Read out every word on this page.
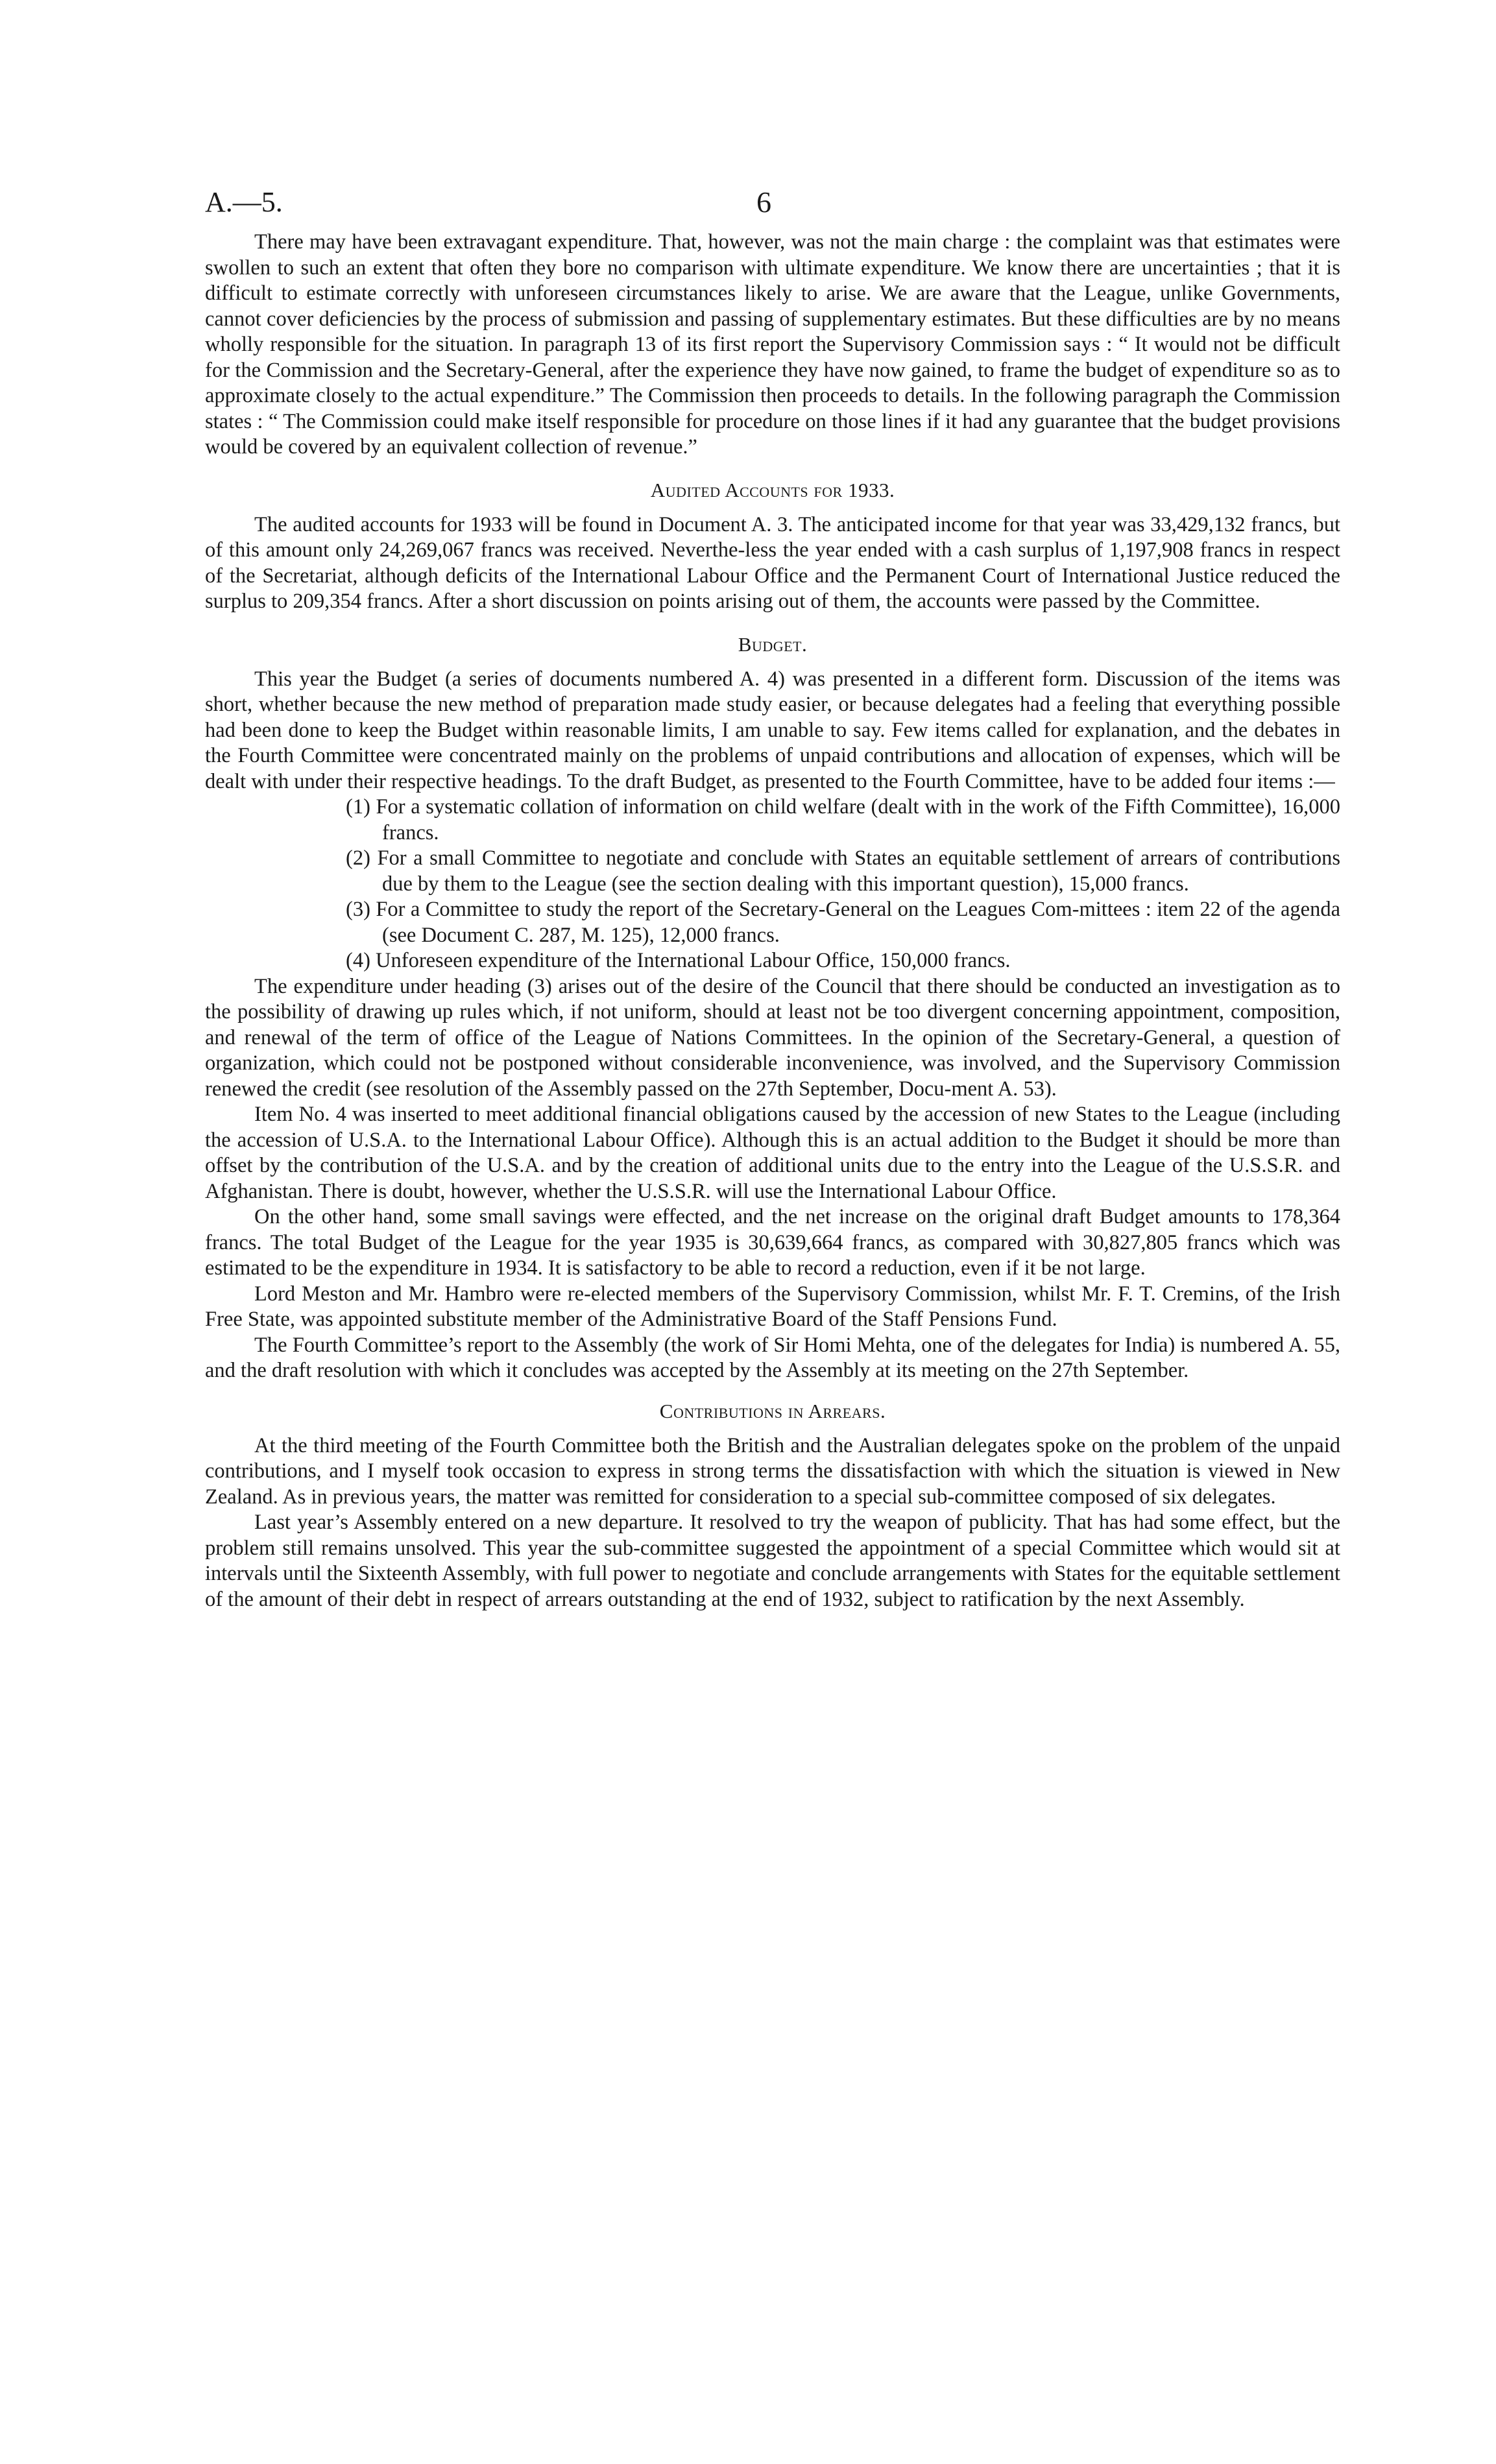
A.—5.	6

There may have been extravagant expenditure. That, however, was not the main charge : the complaint was that estimates were swollen to such an extent that often they bore no comparison with ultimate expenditure. We know there are uncertainties ; that it is difficult to estimate correctly with unforeseen circumstances likely to arise. We are aware that the League, unlike Governments, cannot cover deficiencies by the process of submission and passing of supplementary estimates. But these difficulties are by no means wholly responsible for the situation. In paragraph 13 of its first report the Supervisory Commission says : “ It would not be difficult for the Commission and the Secretary-General, after the experience they have now gained, to frame the budget of expenditure so as to approximate closely to the actual expenditure.” The Commission then proceeds to details. In the following paragraph the Commission states : “ The Commission could make itself responsible for procedure on those lines if it had any guarantee that the budget provisions would be covered by an equivalent collection of revenue.”

Audited Accounts for 1933.

The audited accounts for 1933 will be found in Document A. 3. The anticipated income for that year was 33,429,132 francs, but of this amount only 24,269,067 francs was received. Neverthe-less the year ended with a cash surplus of 1,197,908 francs in respect of the Secretariat, although deficits of the International Labour Office and the Permanent Court of International Justice reduced the surplus to 209,354 francs. After a short discussion on points arising out of them, the accounts were passed by the Committee.

Budget.

This year the Budget (a series of documents numbered A. 4) was presented in a different form. Discussion of the items was short, whether because the new method of preparation made study easier, or because delegates had a feeling that everything possible had been done to keep the Budget within reasonable limits, I am unable to say. Few items called for explanation, and the debates in the Fourth Committee were concentrated mainly on the problems of unpaid contributions and allocation of expenses, which will be dealt with under their respective headings. To the draft Budget, as presented to the Fourth Committee, have to be added four items :—

(1) For a systematic collation of information on child welfare (dealt with in the work of the Fifth Committee), 16,000 francs.
(2) For a small Committee to negotiate and conclude with States an equitable settlement of arrears of contributions due by them to the League (see the section dealing with this important question), 15,000 francs.
(3) For a Committee to study the report of the Secretary-General on the Leagues Com-mittees : item 22 of the agenda (see Document C. 287, M. 125), 12,000 francs.
(4) Unforeseen expenditure of the International Labour Office, 150,000 francs.

The expenditure under heading (3) arises out of the desire of the Council that there should be conducted an investigation as to the possibility of drawing up rules which, if not uniform, should at least not be too divergent concerning appointment, composition, and renewal of the term of office of the League of Nations Committees. In the opinion of the Secretary-General, a question of organization, which could not be postponed without considerable inconvenience, was involved, and the Supervisory Commission renewed the credit (see resolution of the Assembly passed on the 27th September, Docu-ment A. 53).

Item No. 4 was inserted to meet additional financial obligations caused by the accession of new States to the League (including the accession of U.S.A. to the International Labour Office). Although this is an actual addition to the Budget it should be more than offset by the contribution of the U.S.A. and by the creation of additional units due to the entry into the League of the U.S.S.R. and Afghanistan. There is doubt, however, whether the U.S.S.R. will use the International Labour Office.

On the other hand, some small savings were effected, and the net increase on the original draft Budget amounts to 178,364 francs. The total Budget of the League for the year 1935 is 30,639,664 francs, as compared with 30,827,805 francs which was estimated to be the expenditure in 1934. It is satisfactory to be able to record a reduction, even if it be not large.

Lord Meston and Mr. Hambro were re-elected members of the Supervisory Commission, whilst Mr. F. T. Cremins, of the Irish Free State, was appointed substitute member of the Administrative Board of the Staff Pensions Fund.

The Fourth Committee’s report to the Assembly (the work of Sir Homi Mehta, one of the delegates for India) is numbered A. 55, and the draft resolution with which it concludes was accepted by the Assembly at its meeting on the 27th September.

Contributions in Arrears.

At the third meeting of the Fourth Committee both the British and the Australian delegates spoke on the problem of the unpaid contributions, and I myself took occasion to express in strong terms the dissatisfaction with which the situation is viewed in New Zealand. As in previous years, the matter was remitted for consideration to a special sub-committee composed of six delegates.

Last year’s Assembly entered on a new departure. It resolved to try the weapon of publicity. That has had some effect, but the problem still remains unsolved. This year the sub-committee suggested the appointment of a special Committee which would sit at intervals until the Sixteenth Assembly, with full power to negotiate and conclude arrangements with States for the equitable settlement of the amount of their debt in respect of arrears outstanding at the end of 1932, subject to ratification by the next Assembly.
